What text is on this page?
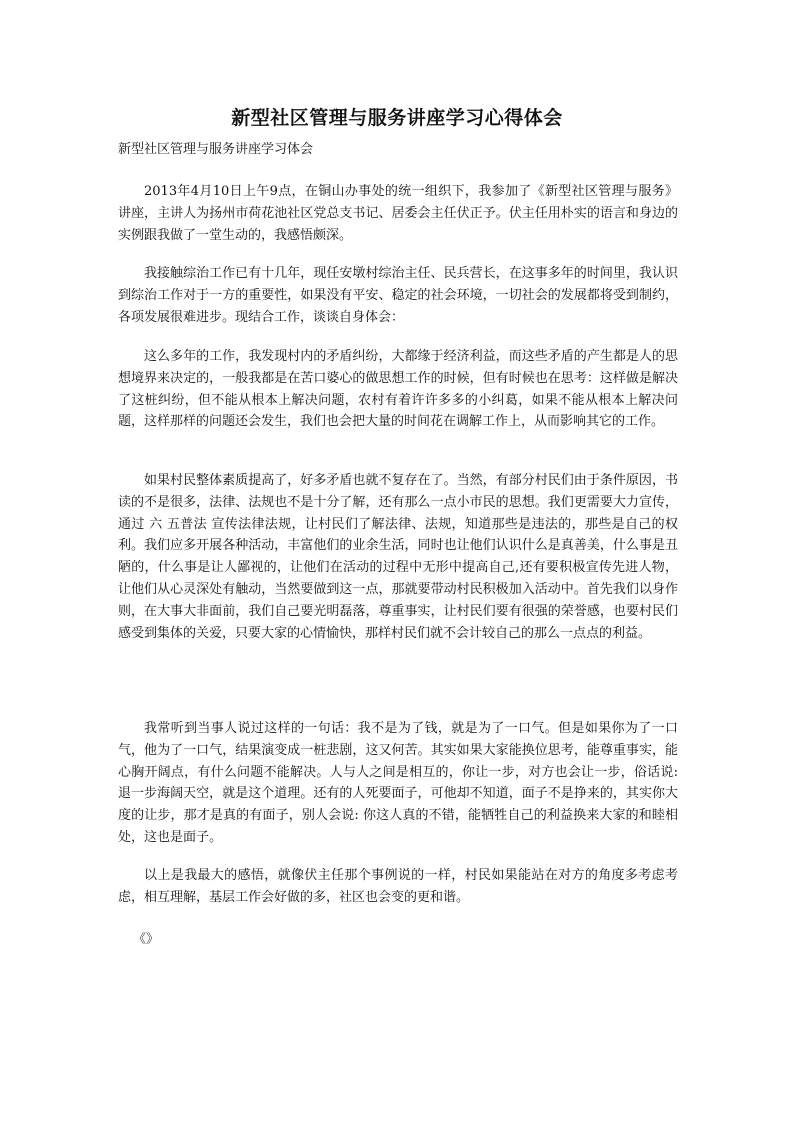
新型社区管理与服务讲座学习心得体会
新型社区管理与服务讲座学习体会

2013年4月10日上午9点，在铜山办事处的统一组织下，我参加了《新型社区管理与服务》讲座，主讲人为扬州市荷花池社区党总支书记、居委会主任伏正予。伏主任用朴实的语言和身边的实例跟我做了一堂生动的，我感悟颇深。

我接触综治工作已有十几年，现任安墩村综治主任、民兵营长，在这事多年的时间里，我认识到综治工作对于一方的重要性，如果没有平安、稳定的社会环境，一切社会的发展都将受到制约，各项发展很难进步。现结合工作，谈谈自身体会：

这么多年的工作，我发现村内的矛盾纠纷，大都缘于经济利益，而这些矛盾的产生都是人的思想境界来决定的，一般我都是在苦口婆心的做思想工作的时候，但有时候也在思考：这样做是解决了这桩纠纷，但不能从根本上解决问题，农村有着许许多多的小纠葛，如果不能从根本上解决问题，这样那样的问题还会发生，我们也会把大量的时间花在调解工作上，从而影响其它的工作。

如果村民整体素质提高了，好多矛盾也就不复存在了。当然，有部分村民们由于条件原因，书读的不是很多，法律、法规也不是十分了解，还有那么一点小市民的思想。我们更需要大力宣传，通过 六 五普法 宣传法律法规，让村民们了解法律、法规，知道那些是违法的，那些是自己的权利。我们应多开展各种活动，丰富他们的业余生活，同时也让他们认识什么是真善美，什么事是丑陋的，什么事是让人鄙视的，让他们在活动的过程中无形中提高自己,还有要积极宣传先进人物，让他们从心灵深处有触动，当然要做到这一点，那就要带动村民积极加入活动中。首先我们以身作则，在大事大非面前，我们自己要光明磊落，尊重事实，让村民们要有很强的荣誉感，也要村民们感受到集体的关爱，只要大家的心情愉快，那样村民们就不会计较自己的那么一点点的利益。

我常听到当事人说过这样的一句话：我不是为了钱，就是为了一口气。但是如果你为了一口气，他为了一口气，结果演变成一桩悲剧，这又何苦。其实如果大家能换位思考，能尊重事实，能心胸开阔点，有什么问题不能解决。人与人之间是相互的，你让一步，对方也会让一步，俗话说: 退一步海阔天空，就是这个道理。还有的人死要面子，可他却不知道，面子不是挣来的，其实你大度的让步，那才是真的有面子，别人会说: 你这人真的不错，能牺牲自己的利益换来大家的和睦相处，这也是面子。

以上是我最大的感悟，就像伏主任那个事例说的一样，村民如果能站在对方的角度多考虑考虑，相互理解，基层工作会好做的多，社区也会变的更和谐。

《》
